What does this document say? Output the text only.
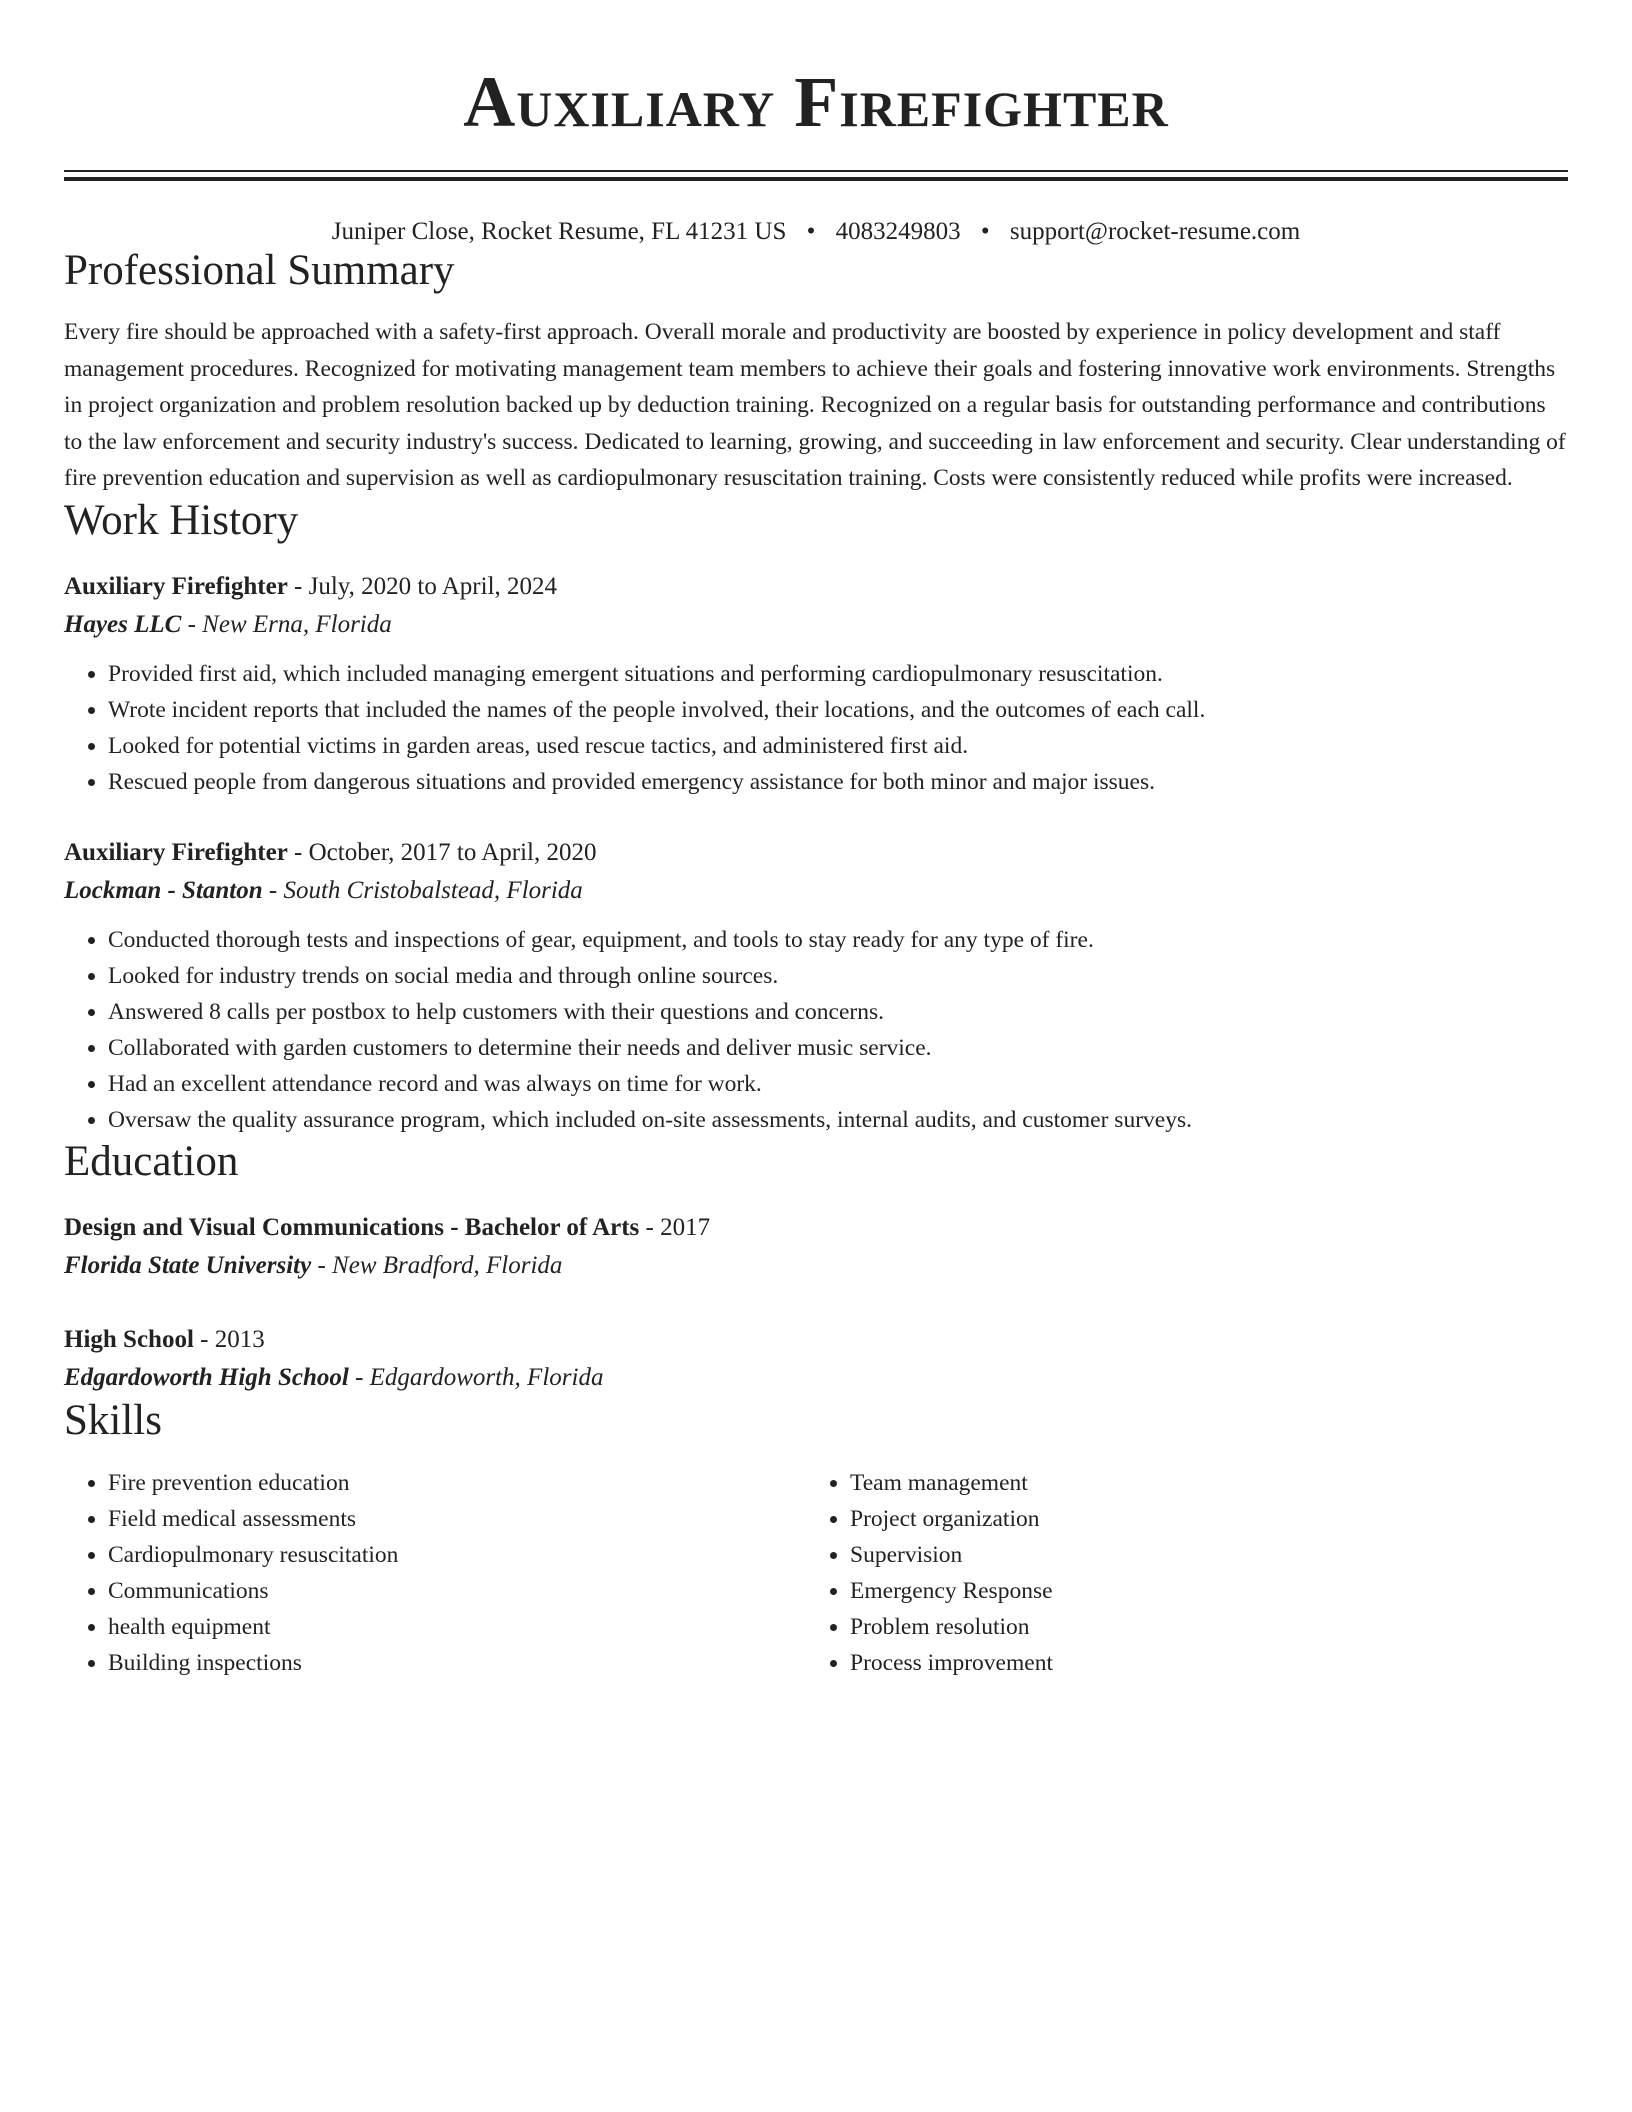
Auxiliary Firefighter
Juniper Close, Rocket Resume, FL 41231 US • 4083249803 • support@rocket-resume.com
Professional Summary
Every fire should be approached with a safety-first approach. Overall morale and productivity are boosted by experience in policy development and staff management procedures. Recognized for motivating management team members to achieve their goals and fostering innovative work environments. Strengths in project organization and problem resolution backed up by deduction training. Recognized on a regular basis for outstanding performance and contributions to the law enforcement and security industry's success. Dedicated to learning, growing, and succeeding in law enforcement and security. Clear understanding of fire prevention education and supervision as well as cardiopulmonary resuscitation training. Costs were consistently reduced while profits were increased.
Work History
Auxiliary Firefighter - July, 2020 to April, 2024
Hayes LLC - New Erna, Florida
• Provided first aid, which included managing emergent situations and performing cardiopulmonary resuscitation.
• Wrote incident reports that included the names of the people involved, their locations, and the outcomes of each call.
• Looked for potential victims in garden areas, used rescue tactics, and administered first aid.
• Rescued people from dangerous situations and provided emergency assistance for both minor and major issues.
Auxiliary Firefighter - October, 2017 to April, 2020
Lockman - Stanton - South Cristobalstead, Florida
• Conducted thorough tests and inspections of gear, equipment, and tools to stay ready for any type of fire.
• Looked for industry trends on social media and through online sources.
• Answered 8 calls per postbox to help customers with their questions and concerns.
• Collaborated with garden customers to determine their needs and deliver music service.
• Had an excellent attendance record and was always on time for work.
• Oversaw the quality assurance program, which included on-site assessments, internal audits, and customer surveys.
Education
Design and Visual Communications - Bachelor of Arts - 2017
Florida State University - New Bradford, Florida
High School - 2013
Edgardoworth High School - Edgardoworth, Florida
Skills
• Fire prevention education
• Field medical assessments
• Cardiopulmonary resuscitation
• Communications
• health equipment
• Building inspections
• Team management
• Project organization
• Supervision
• Emergency Response
• Problem resolution
• Process improvement
